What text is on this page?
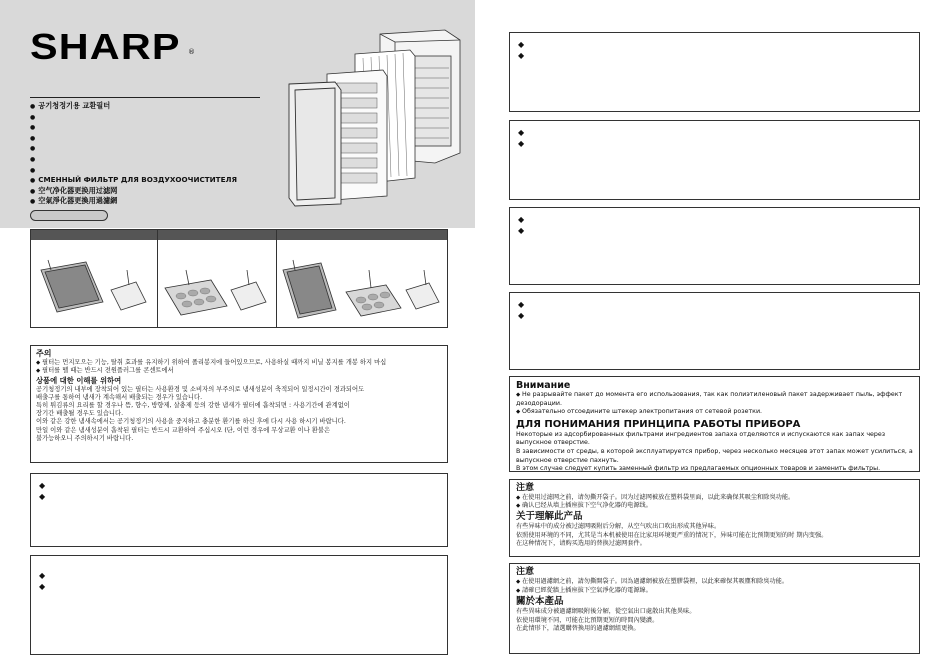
SHARP ®
● 공기청정기용 교환필터
●
●
●
●
●
●
● СМЕННЫЙ ФИЛЬТР ДЛЯ ВОЗДУХООЧИСТИТЕЛЯ
● 空气净化器更换用过滤网
● 空氣淨化器更換用過濾網
주의
◆ 필터는 먼지모으는 기능, 탈취 효과를 유지하기 위하여 폴리봉지에 들어있으므로, 사용하실 때까지 비닐 봉지를 개봉 하지 마십
◆ 필터를 뗄 때는 반드시 전원플러그를 콘센트에서
상품에 대한 이해를 위하여
공기청정기의 내부에 장착되어 있는 필터는 사용환경 및 소비자의 부주의로 냄새성분이 축적되어 일정시간이 경과되어도
배출구를 통하여 냄새가 계속해서 배출되는 경우가 있습니다.
특히 튀김류의 요리를 할 경우나 뜸, 향수, 방향제, 살충제 등의 강한 냄새가 필터에 흡착되면 : 사용기간에 관계없이
장기간 배출될 경우도 있습니다.
이와 같은 강한 냄새속에서는 공기청정기의 사용을 중지하고 충분한 환기를 하신 후에 다시 사용 하시기 바랍니다.
만일 이와 같은 냄새성분이 흡착된 필터는 반드시 교환하여 주십시오 (단, 이런 경우에 무상교환 이나 환불은
불가능하오니 주의하시기 바랍니다.
◆
◆
◆
◆
◆
◆
◆
◆
◆
◆
◆
◆
Внимание
◆ Не разрывайте пакет до момента его использования, так как полиэтиленовый пакет задерживает пыль, эффект дезодорации.
◆ Обязательно отсоедините штекер электропитания от сетевой розетки.
ДЛЯ ПОНИМАНИЯ ПРИНЦИПА РАБОТЫ ПРИБОРА
Некоторые из адсорбированных фильтрами ингредиентов запаха отделяются и испускаются как запах через выпускное отверстие.
В зависимости от среды, в которой эксплуатируется прибор, через несколько месяцев этот запах может усилиться, а выпускное отверстие пахнуть.
В этом случае следует купить заменный фильтр из предлагаемых опционных товаров и заменить фильтры.
注意
◆ 在使用过滤网之前，请勿撕开袋子。因为过滤网被放在塑料袋里面，以此来确保其吸尘和除臭功能。
◆ 确认已经从墙上插座拔下空气净化器的电源线。
关于理解此产品
有些异味中的成分被过滤网吸附后分解，从空气吹出口吹出形成其他异味。
依照使用环境的不同，尤其是当本机被使用在比家用环境更严重的情况下，异味可能在比预期更短的时 期内变强。
在这种情况下，请购买选用的替换过滤网套件。
注意
◆ 在使用過濾網之前，請勿撕開袋子。因為過濾網被放在塑膠袋裡，以此來確保其吸塵和除臭功能。
◆ 請確已經從牆上插座拔下空氣淨化器的電源線。
關於本產品
有些異味成分被過濾網吸附後分解，從空氣出口處散出其他異味。
依使用環境不同，可能在比預期更短的時間內變濃。
在此情形下，請選購替換用的過濾網組更換。
